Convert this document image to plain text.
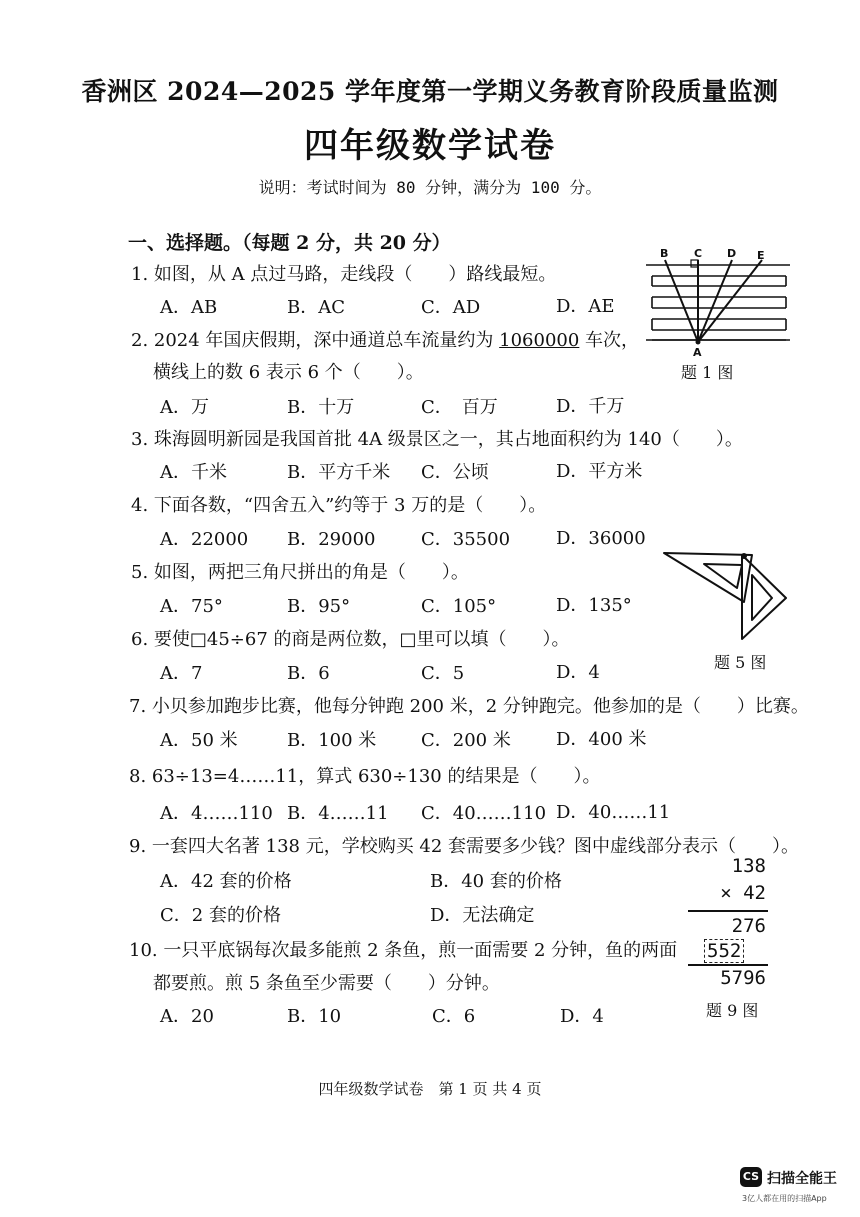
香洲区 2024—2025 学年度第一学期义务教育阶段质量监测
四年级数学试卷
说明：考试时间为 80 分钟，满分为 100 分。
一、选择题。（每题 2 分，共 20 分）
1. 如图，从 A 点过马路，走线段（　　）路线最短。
A．AB	B．AC	C．AD	D．AE
2. 2024 年国庆假期，深中通道总车流量约为 1060000 车次，
横线上的数 6 表示 6 个（　　）。
A．万	B．十万	C．　百万	D．千万
3. 珠海圆明新园是我国首批 4A 级景区之一，其占地面积约为 140（　　）。
A．千米	B．平方千米 C．公顷	D．平方米
4. 下面各数，“四舍五入”约等于 3 万的是（　　）。
A．22000 B．29000	C．35500	D．36000
5. 如图，两把三角尺拼出的角是（　　）。
A．75°	B．95°	C．105°	D．135°
6. 要使□45÷67 的商是两位数，□里可以填（　　）。
A．7	B．6	C．5	D．4
7. 小贝参加跑步比赛，他每分钟跑 200 米，2 分钟跑完。他参加的是（　　）比赛。
A．50 米	B．100 米 C．200 米	D．400 米
8. 63÷13=4……11，算式 630÷130 的结果是（　　）。
A．4……110 B．4……11 C．40……110 D．40……11
9. 一套四大名著 138 元，学校购买 42 套需要多少钱？图中虚线部分表示（　　）。
A．42 套的价格	B．40 套的价格
C．2 套的价格	D．无法确定
10. 一只平底锅每次最多能煎 2 条鱼，煎一面需要 2 分钟，鱼的两面
都要煎。煎 5 条鱼至少需要（　　）分钟。
A．20	B．10	C．6	D．4
B C D E
A
题 1 图
题 5 图
138
× 42
276
552
5796
题 9 图
四年级数学试卷　第 1 页 共 4 页
CS 扫描全能王
3亿人都在用的扫描App
